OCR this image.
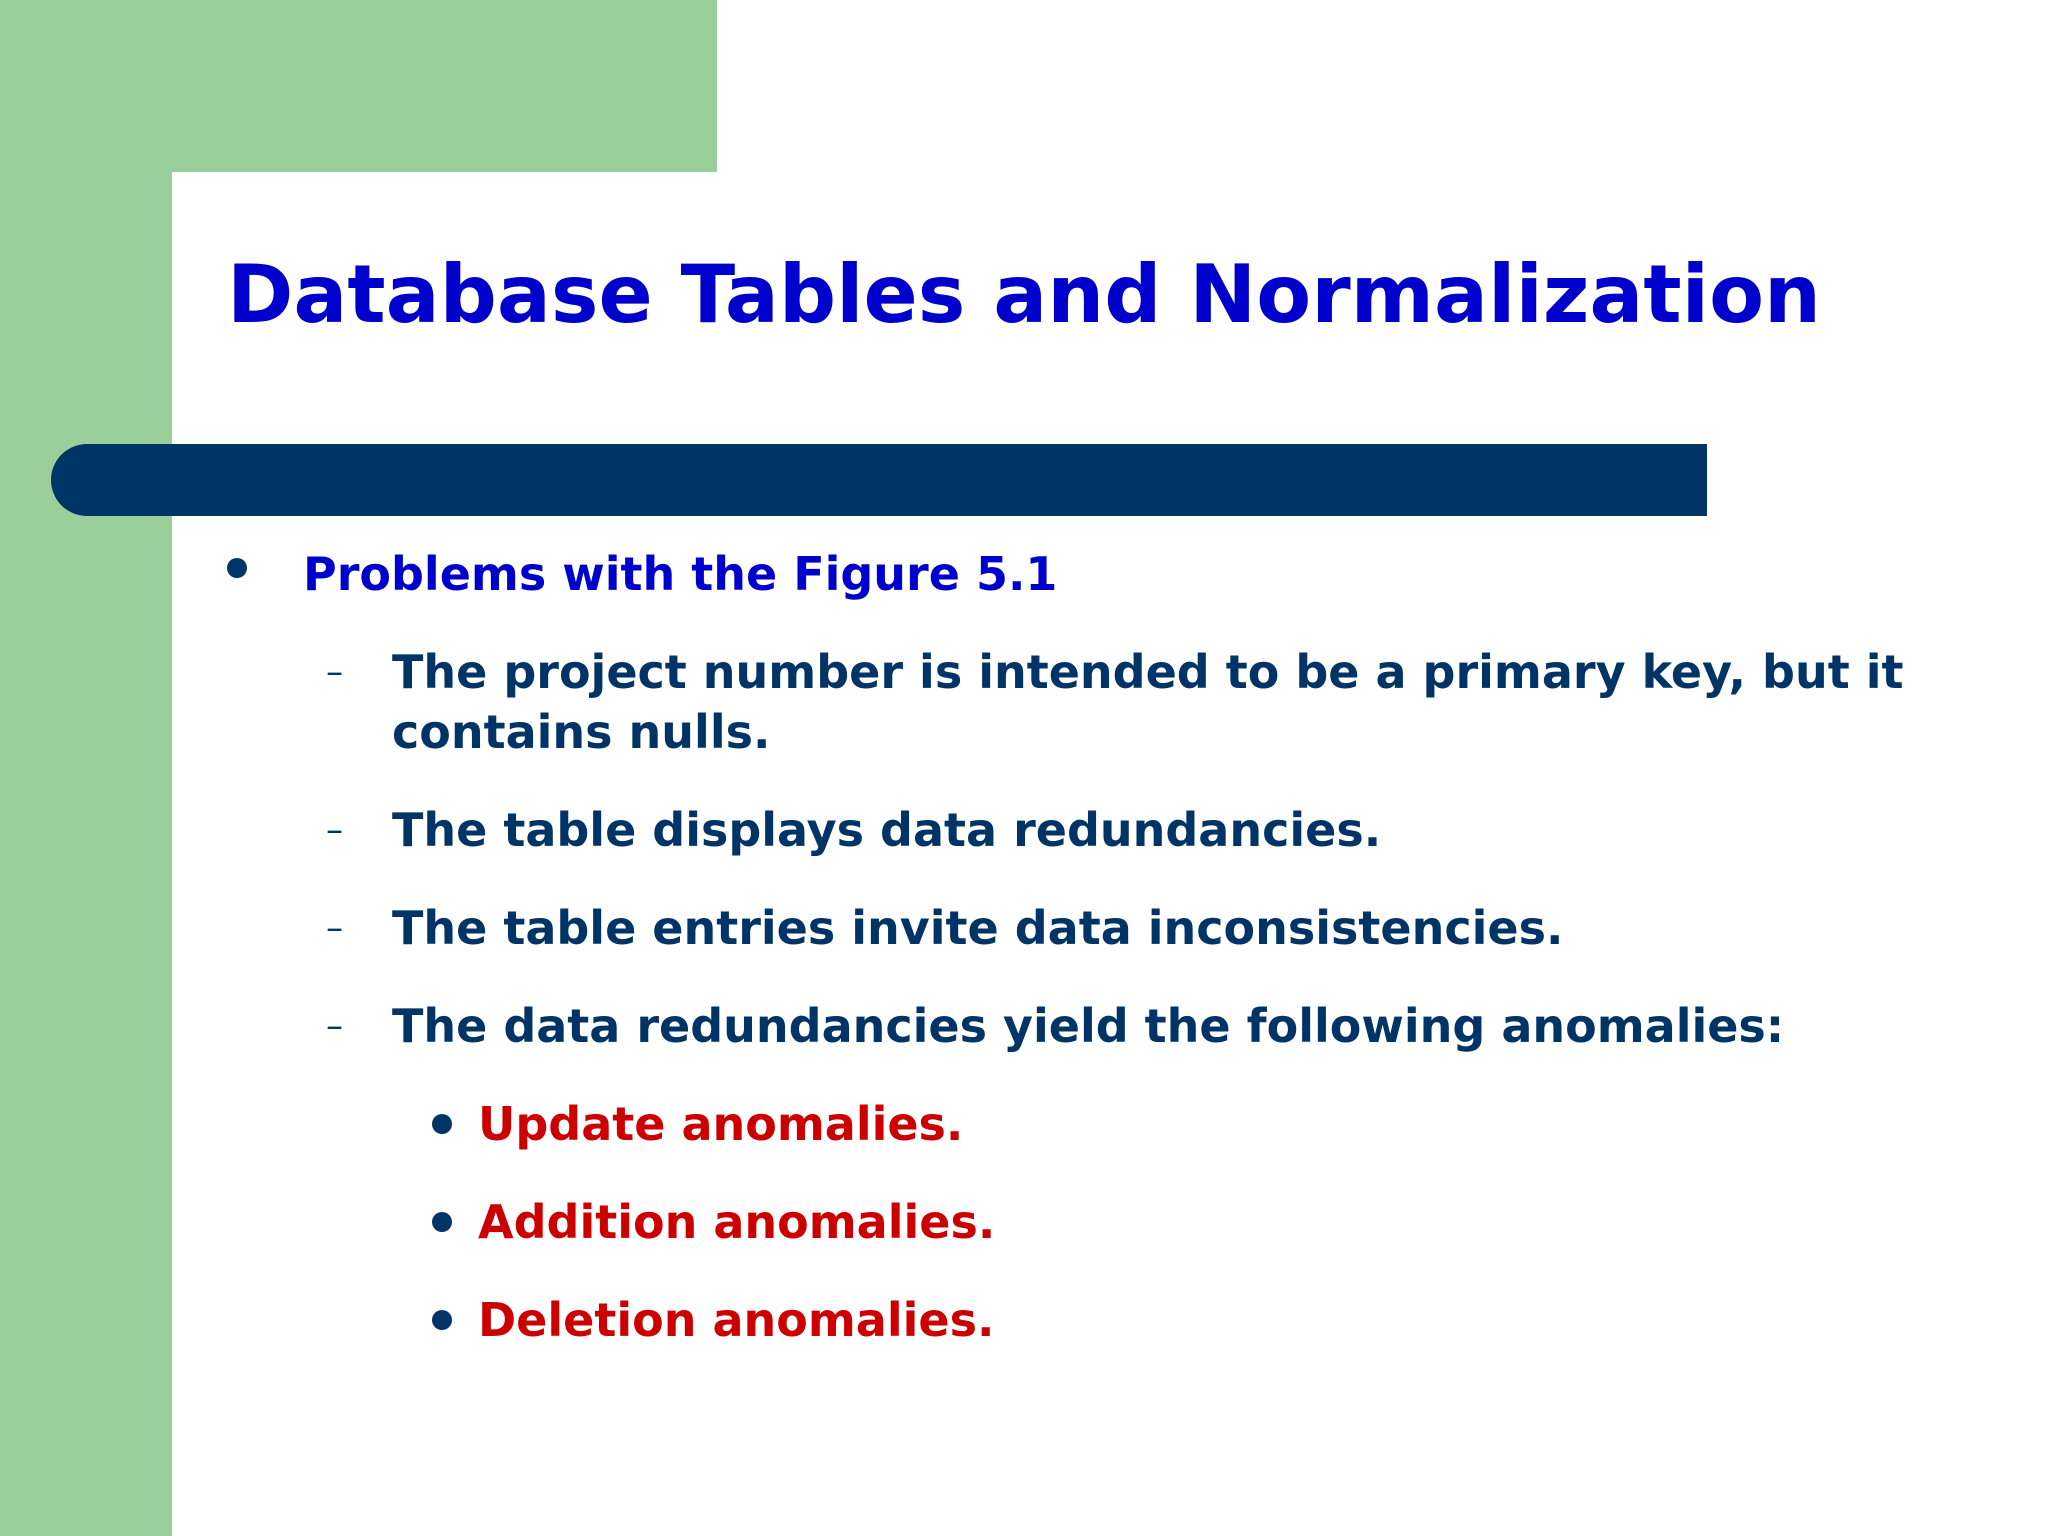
Database Tables and Normalization
Problems with the Figure 5.1
– The project number is intended to be a primary key, but it contains nulls.
– The table displays data redundancies.
– The table entries invite data inconsistencies.
– The data redundancies yield the following anomalies:
Update anomalies.
Addition anomalies.
Deletion anomalies.
